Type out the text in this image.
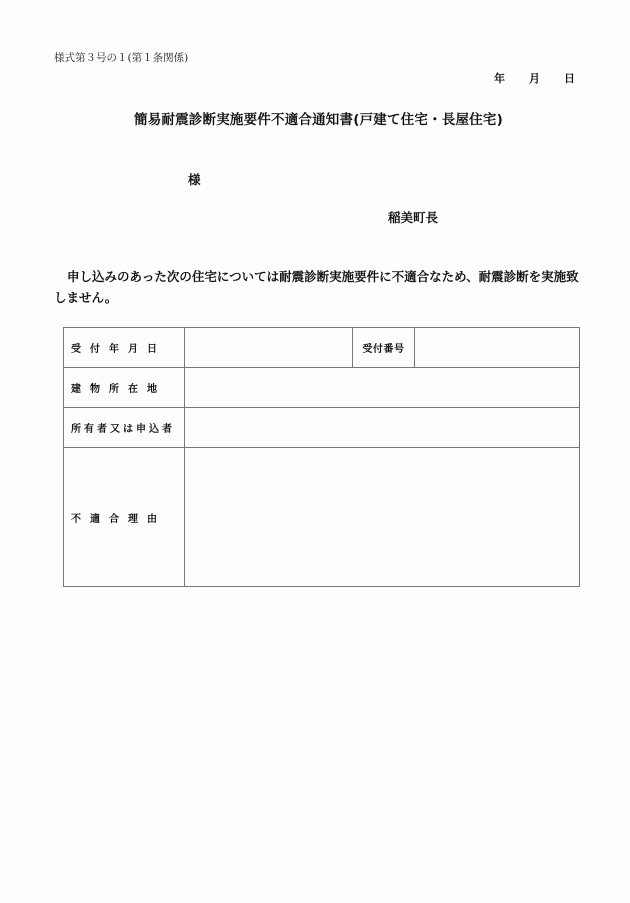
様式第３号の１(第１条関係)
年 月 日
簡易耐震診断実施要件不適合通知書(戸建て住宅・長屋住宅)
様
稲美町長
申し込みのあった次の住宅については耐震診断実施要件に不適合なため、耐震診断を実施致しません。
受付年月日		受付番号	
建物所在地			
所有者又は申込者			
不適合理由			
